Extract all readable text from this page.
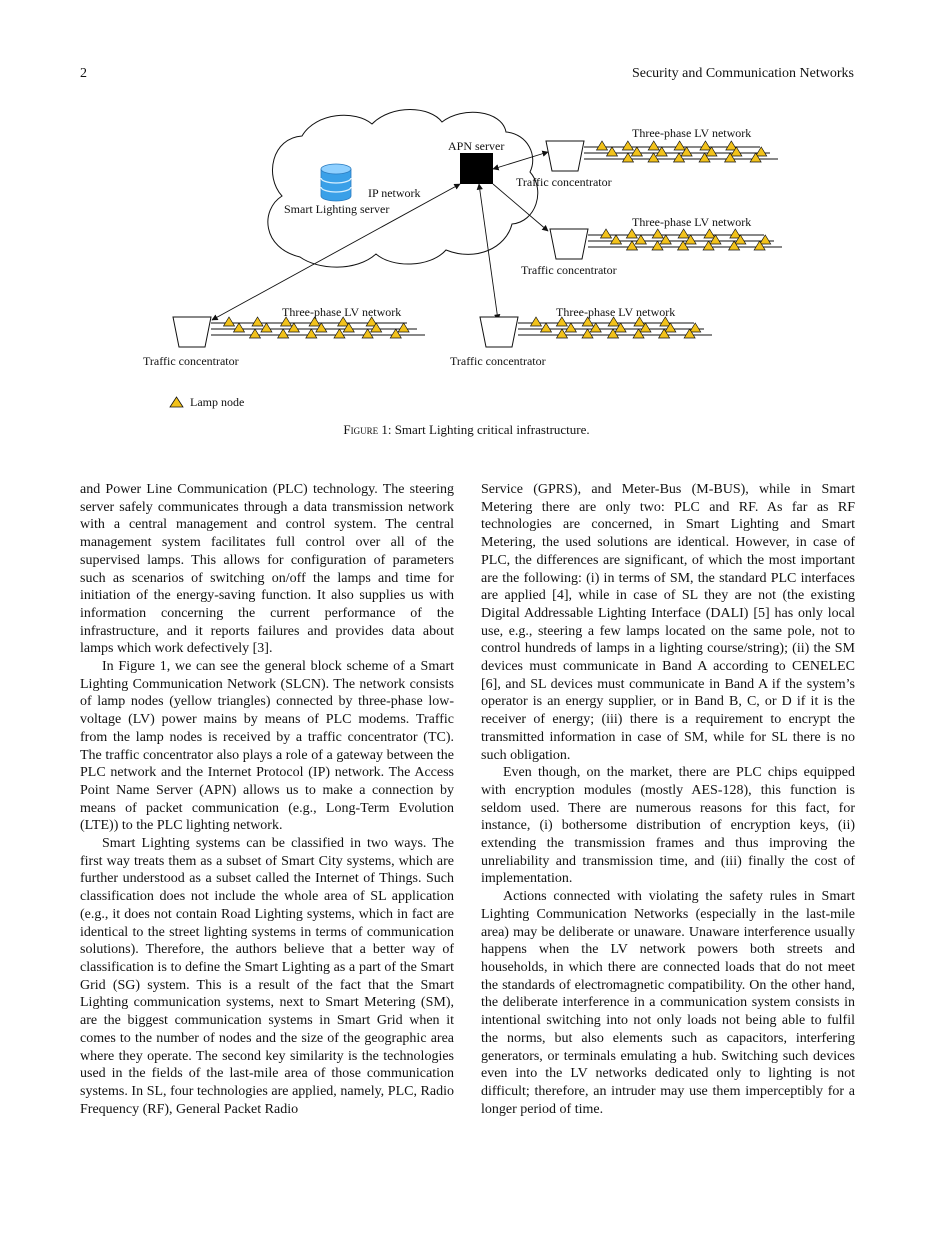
2	Security and Communication Networks
IP network
Smart Lighting server
APN server
Three-phase LV network
Traffic concentrator
Three-phase LV network
Traffic concentrator
Three-phase LV network
Traffic concentrator
Three-phase LV network
Traffic concentrator
Lamp node
Figure 1: Smart Lighting critical infrastructure.

and Power Line Communication (PLC) technology. The steering server safely communicates through a data transmission network with a central management and control system. The central management system facilitates full control over all of the supervised lamps. This allows for configuration of parameters such as scenarios of switching on/off the lamps and time for initiation of the energy-saving function. It also supplies us with information concerning the current performance of the infrastructure, and it reports failures and provides data about lamps which work defectively [3].

In Figure 1, we can see the general block scheme of a Smart Lighting Communication Network (SLCN). The network consists of lamp nodes (yellow triangles) connected by three-phase low-voltage (LV) power mains by means of PLC modems. Traffic from the lamp nodes is received by a traffic concentrator (TC). The traffic concentrator also plays a role of a gateway between the PLC network and the Internet Protocol (IP) network. The Access Point Name Server (APN) allows us to make a connection by means of packet communication (e.g., Long-Term Evolution (LTE)) to the PLC lighting network.

Smart Lighting systems can be classified in two ways. The first way treats them as a subset of Smart City systems, which are further understood as a subset called the Internet of Things. Such classification does not include the whole area of SL application (e.g., it does not contain Road Lighting systems, which in fact are identical to the street lighting systems in terms of communication solutions). Therefore, the authors believe that a better way of classification is to define the Smart Lighting as a part of the Smart Grid (SG) system. This is a result of the fact that the Smart Lighting communication systems, next to Smart Metering (SM), are the biggest communication systems in Smart Grid when it comes to the number of nodes and the size of the geographic area where they operate. The second key similarity is the technologies used in the fields of the last-mile area of those communication systems. In SL, four technologies are applied, namely, PLC, Radio Frequency (RF), General Packet Radio

Service (GPRS), and Meter-Bus (M-BUS), while in Smart Metering there are only two: PLC and RF. As far as RF technologies are concerned, in Smart Lighting and Smart Metering, the used solutions are identical. However, in case of PLC, the differences are significant, of which the most important are the following: (i) in terms of SM, the standard PLC interfaces are applied [4], while in case of SL they are not (the existing Digital Addressable Lighting Interface (DALI) [5] has only local use, e.g., steering a few lamps located on the same pole, not to control hundreds of lamps in a lighting course/string); (ii) the SM devices must communicate in Band A according to CENELEC [6], and SL devices must communicate in Band A if the system’s operator is an energy supplier, or in Band B, C, or D if it is the receiver of energy; (iii) there is a requirement to encrypt the transmitted information in case of SM, while for SL there is no such obligation.

Even though, on the market, there are PLC chips equipped with encryption modules (mostly AES-128), this function is seldom used. There are numerous reasons for this fact, for instance, (i) bothersome distribution of encryption keys, (ii) extending the transmission frames and thus improving the unreliability and transmission time, and (iii) finally the cost of implementation.

Actions connected with violating the safety rules in Smart Lighting Communication Networks (especially in the last-mile area) may be deliberate or unaware. Unaware interference usually happens when the LV network powers both streets and households, in which there are connected loads that do not meet the standards of electromagnetic compatibility. On the other hand, the deliberate interference in a communication system consists in intentional switching into not only loads not being able to fulfil the norms, but also elements such as capacitors, interfering generators, or terminals emulating a hub. Switching such devices even into the LV networks dedicated only to lighting is not difficult; therefore, an intruder may use them imperceptibly for a longer period of time.
